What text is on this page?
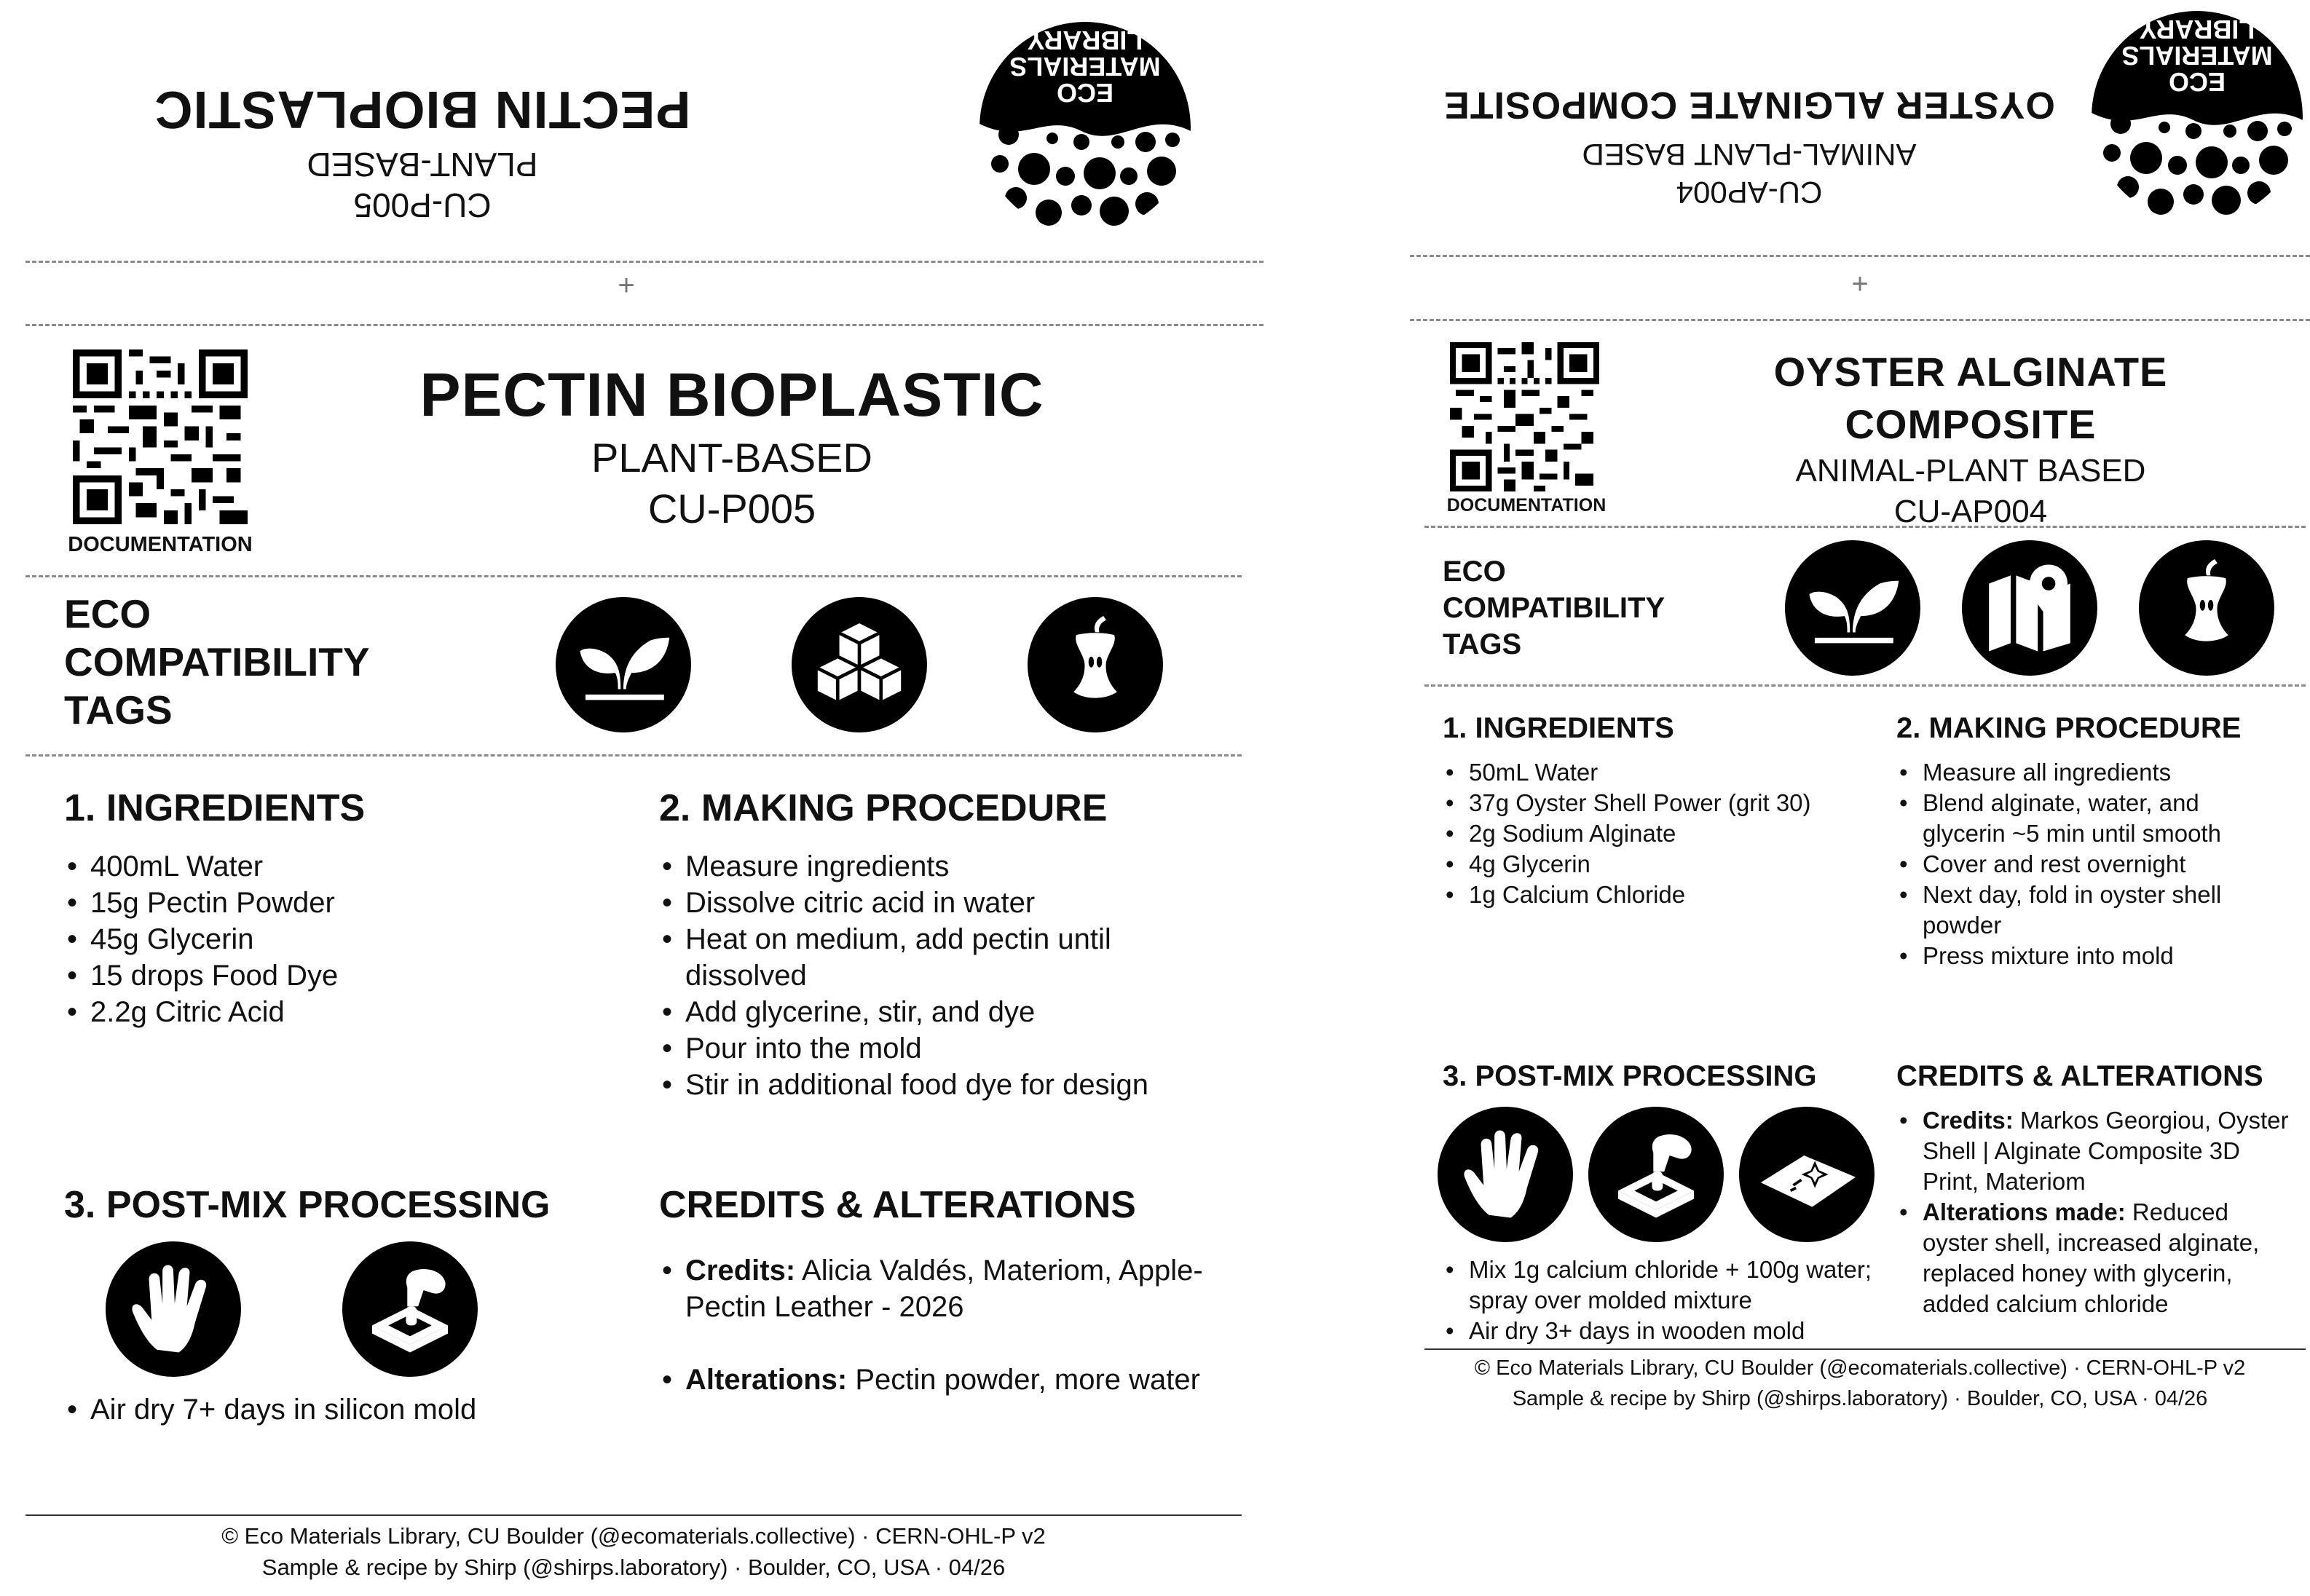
ECO
MATERIALS
LIBRARY
CU-P005
PLANT-BASED
PECTIN BIOPLASTIC
+
DOCUMENTATION
PECTIN BIOPLASTIC
PLANT-BASED
CU-P005
ECO
COMPATIBILITY
TAGS
1. INGREDIENTS
• 400mL Water
• 15g Pectin Powder
• 45g Glycerin
• 15 drops Food Dye
• 2.2g Citric Acid
2. MAKING PROCEDURE
• Measure ingredients
• Dissolve citric acid in water
• Heat on medium, add pectin until dissolved
• Add glycerine, stir, and dye
• Pour into the mold
• Stir in additional food dye for design
3. POST-MIX PROCESSING
• Air dry 7+ days in silicon mold
CREDITS & ALTERATIONS
• Credits: Alicia Valdés, Materiom, Apple-Pectin Leather - 2026
• Alterations: Pectin powder, more water
© Eco Materials Library, CU Boulder (@ecomaterials.collective) · CERN-OHL-P v2
Sample & recipe by Shirp (@shirps.laboratory) · Boulder, CO, USA · 04/26
ECO
MATERIALS
LIBRARY
CU-AP004
ANIMAL-PLANT BASED
OYSTER ALGINATE COMPOSITE
+
DOCUMENTATION
OYSTER ALGINATE COMPOSITE
ANIMAL-PLANT BASED
CU-AP004
ECO
COMPATIBILITY
TAGS
1. INGREDIENTS
• 50mL Water
• 37g Oyster Shell Power (grit 30)
• 2g Sodium Alginate
• 4g Glycerin
• 1g Calcium Chloride
2. MAKING PROCEDURE
• Measure all ingredients
• Blend alginate, water, and glycerin ~5 min until smooth
• Cover and rest overnight
• Next day, fold in oyster shell powder
• Press mixture into mold
3. POST-MIX PROCESSING
• Mix 1g calcium chloride + 100g water; spray over molded mixture
• Air dry 3+ days in wooden mold
CREDITS & ALTERATIONS
• Credits: Markos Georgiou, Oyster Shell | Alginate Composite 3D Print, Materiom
• Alterations made: Reduced oyster shell, increased alginate, replaced honey with glycerin, added calcium chloride
© Eco Materials Library, CU Boulder (@ecomaterials.collective) · CERN-OHL-P v2
Sample & recipe by Shirp (@shirps.laboratory) · Boulder, CO, USA · 04/26
